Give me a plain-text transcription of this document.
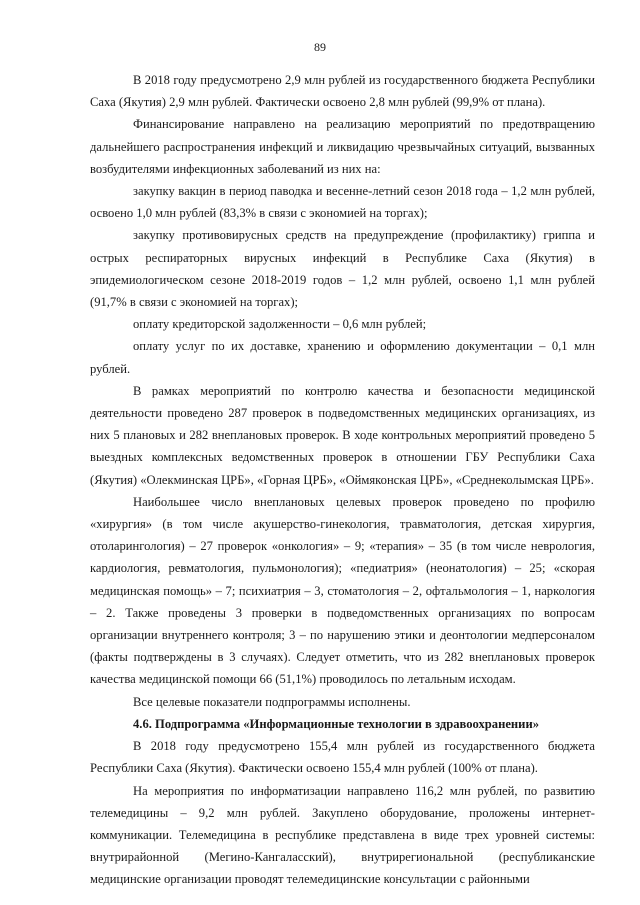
89

В 2018 году предусмотрено 2,9 млн рублей из государственного бюджета Республики Саха (Якутия) 2,9 млн рублей. Фактически освоено 2,8 млн рублей (99,9% от плана).

Финансирование направлено на реализацию мероприятий по предотвращению дальнейшего распространения инфекций и ликвидацию чрезвычайных ситуаций, вызванных возбудителями инфекционных заболеваний из них на:

закупку вакцин в период паводка и весенне-летний сезон 2018 года – 1,2 млн рублей, освоено 1,0 млн рублей (83,3% в связи с экономией на торгах);

закупку противовирусных средств на предупреждение (профилактику) гриппа и острых респираторных вирусных инфекций в Республике Саха (Якутия) в эпидемиологическом сезоне 2018-2019 годов – 1,2 млн рублей, освоено 1,1 млн рублей (91,7% в связи с экономией на торгах);

оплату кредиторской задолженности – 0,6 млн рублей;

оплату услуг по их доставке, хранению и оформлению документации – 0,1 млн рублей.

В рамках мероприятий по контролю качества и безопасности медицинской деятельности проведено 287 проверок в подведомственных медицинских организациях, из них 5 плановых и 282 внеплановых проверок. В ходе контрольных мероприятий проведено 5 выездных комплексных ведомственных проверок в отношении ГБУ Республики Саха (Якутия) «Олекминская ЦРБ», «Горная ЦРБ», «Оймяконская ЦРБ», «Среднеколымская ЦРБ».

Наибольшее число внеплановых целевых проверок проведено по профилю «хирургия» (в том числе акушерство-гинекология, травматология, детская хирургия, отоларингология) – 27 проверок «онкология» – 9; «терапия» – 35 (в том числе неврология, кардиология, ревматология, пульмонология); «педиатрия» (неонатология) – 25; «скорая медицинская помощь» – 7; психиатрия – 3, стоматология – 2, офтальмология – 1, наркология – 2. Также проведены 3 проверки в подведомственных организациях по вопросам организации внутреннего контроля; 3 – по нарушению этики и деонтологии медперсоналом (факты подтверждены в 3 случаях). Следует отметить, что из 282 внеплановых проверок качества медицинской помощи 66 (51,1%) проводилось по летальным исходам.

Все целевые показатели подпрограммы исполнены.

4.6. Подпрограмма «Информационные технологии в здравоохранении»

В 2018 году предусмотрено 155,4 млн рублей из государственного бюджета Республики Саха (Якутия). Фактически освоено 155,4 млн рублей (100% от плана).

На мероприятия по информатизации направлено 116,2 млн рублей, по развитию телемедицины – 9,2 млн рублей. Закуплено оборудование, проложены интернет-коммуникации. Телемедицина в республике представлена в виде трех уровней системы: внутрирайонной (Мегино-Кангаласский), внутрирегиональной (республиканские медицинские организации проводят телемедицинские консультации с районными
